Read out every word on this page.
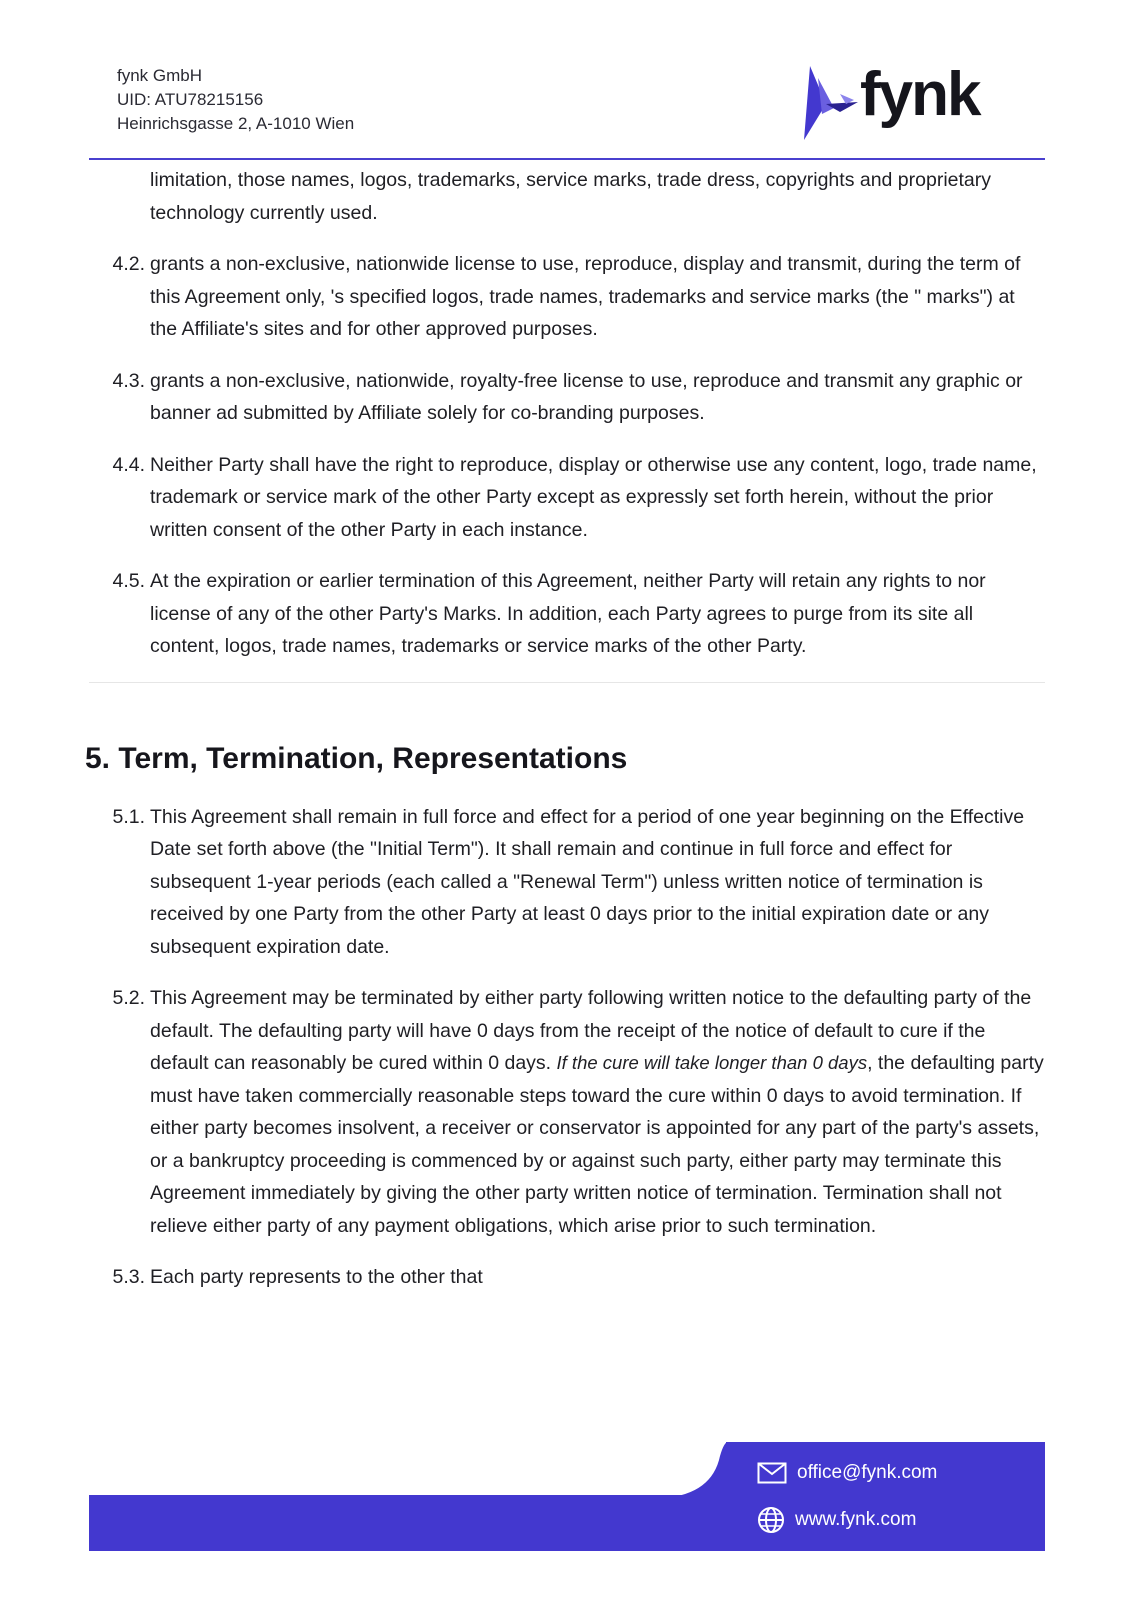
fynk GmbH
UID: ATU78215156
Heinrichsgasse 2, A-1010 Wien	fynk
limitation, those names, logos, trademarks, service marks, trade dress, copyrights and proprietary technology currently used.
4.2. grants a non-exclusive, nationwide license to use, reproduce, display and transmit, during the term of this Agreement only, 's specified logos, trade names, trademarks and service marks (the " marks") at the Affiliate's sites and for other approved purposes.
4.3. grants a non-exclusive, nationwide, royalty-free license to use, reproduce and transmit any graphic or banner ad submitted by Affiliate solely for co-branding purposes.
4.4. Neither Party shall have the right to reproduce, display or otherwise use any content, logo, trade name, trademark or service mark of the other Party except as expressly set forth herein, without the prior written consent of the other Party in each instance.
4.5. At the expiration or earlier termination of this Agreement, neither Party will retain any rights to nor license of any of the other Party's Marks. In addition, each Party agrees to purge from its site all content, logos, trade names, trademarks or service marks of the other Party.
5. Term, Termination, Representations
5.1. This Agreement shall remain in full force and effect for a period of one year beginning on the Effective Date set forth above (the "Initial Term"). It shall remain and continue in full force and effect for subsequent 1-year periods (each called a "Renewal Term") unless written notice of termination is received by one Party from the other Party at least 0 days prior to the initial expiration date or any subsequent expiration date.
5.2. This Agreement may be terminated by either party following written notice to the defaulting party of the default. The defaulting party will have 0 days from the receipt of the notice of default to cure if the default can reasonably be cured within 0 days. If the cure will take longer than 0 days, the defaulting party must have taken commercially reasonable steps toward the cure within 0 days to avoid termination. If either party becomes insolvent, a receiver or conservator is appointed for any part of the party's assets, or a bankruptcy proceeding is commenced by or against such party, either party may terminate this Agreement immediately by giving the other party written notice of termination. Termination shall not relieve either party of any payment obligations, which arise prior to such termination.
5.3. Each party represents to the other that
office@fynk.com
www.fynk.com
